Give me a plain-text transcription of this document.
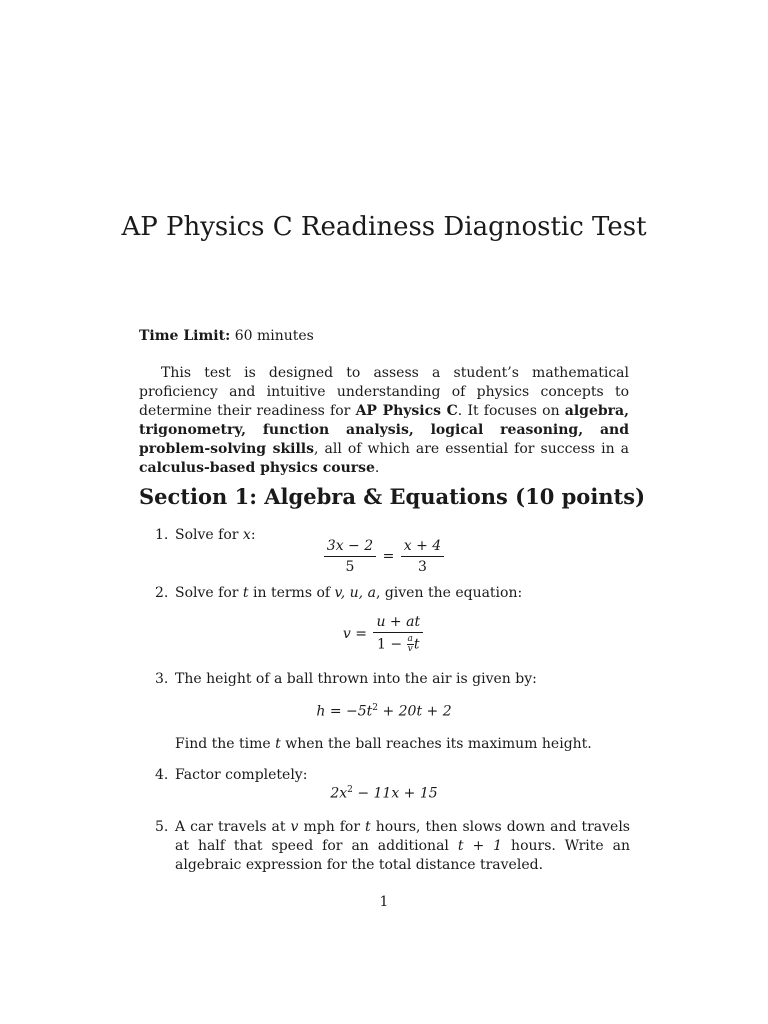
AP Physics C Readiness Diagnostic Test
Time Limit: 60 minutes

This test is designed to assess a student’s mathematical proficiency and intuitive understanding of physics concepts to determine their readiness for AP Physics C. It focuses on algebra, trigonometry, function analysis, logical reasoning, and problem-solving skills, all of which are essential for success in a calculus-based physics course.

Section 1: Algebra & Equations (10 points)
1. Solve for x:
$\frac{3x - 2}{5} = \frac{x + 4}{3}$
2. Solve for t in terms of v, u, a, given the equation:
$v = \frac{u + at}{1 - \frac{a}{v} t}$
3. The height of a ball thrown into the air is given by:
$h = -5t^2 + 20t + 2$
Find the time t when the ball reaches its maximum height.
4. Factor completely:
$2x^2 - 11x + 15$
5. A car travels at v mph for t hours, then slows down and travels at half that speed for an additional t + 1 hours. Write an algebraic expression for the total distance traveled.
1
